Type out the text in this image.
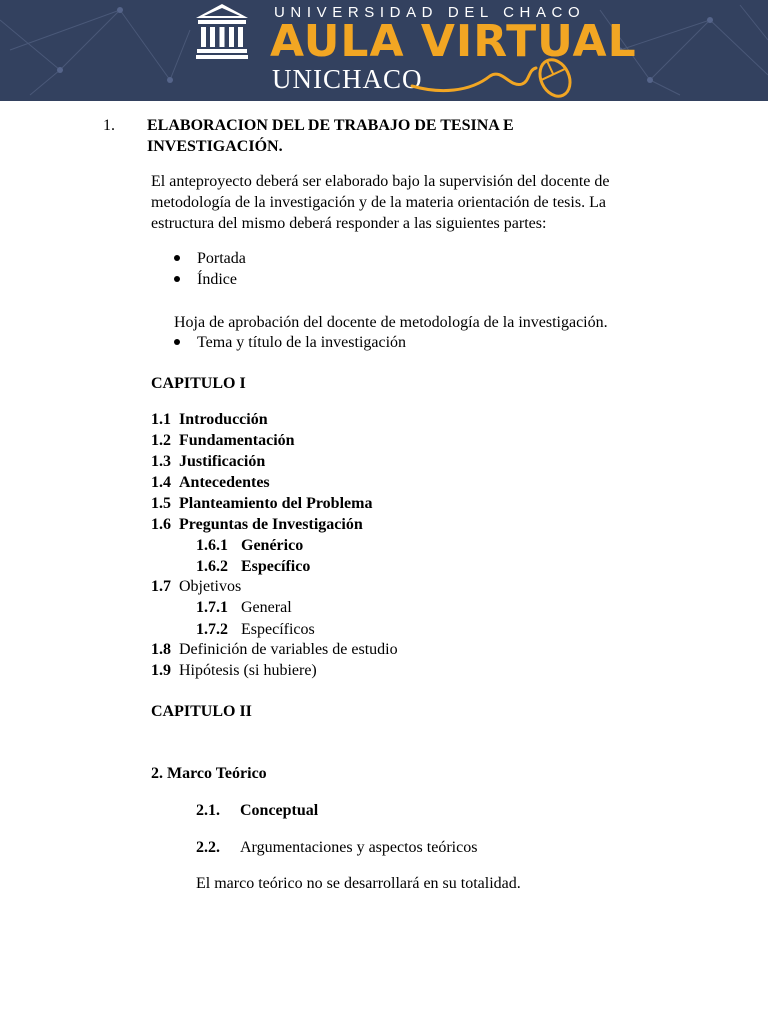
UNIVERSIDAD DEL CHACO
AULA VIRTUAL
UNICHACO
1. ELABORACION DEL DE TRABAJO DE TESINA E
INVESTIGACIÓN.
El anteproyecto deberá ser elaborado bajo la supervisión del docente de
metodología de la investigación y de la materia orientación de tesis. La
estructura del mismo deberá responder a las siguientes partes:
Portada
Índice
Hoja de aprobación del docente de metodología de la investigación.
Tema y título de la investigación
CAPITULO I
1.1 Introducción
1.2 Fundamentación
1.3 Justificación
1.4 Antecedentes
1.5 Planteamiento del Problema
1.6 Preguntas de Investigación
1.6.1 Genérico
1.6.2 Específico
1.7 Objetivos
1.7.1 General
1.7.2 Específicos
1.8 Definición de variables de estudio
1.9 Hipótesis (si hubiere)
CAPITULO II
2. Marco Teórico
2.1. Conceptual
2.2. Argumentaciones y aspectos teóricos
El marco teórico no se desarrollará en su totalidad.
